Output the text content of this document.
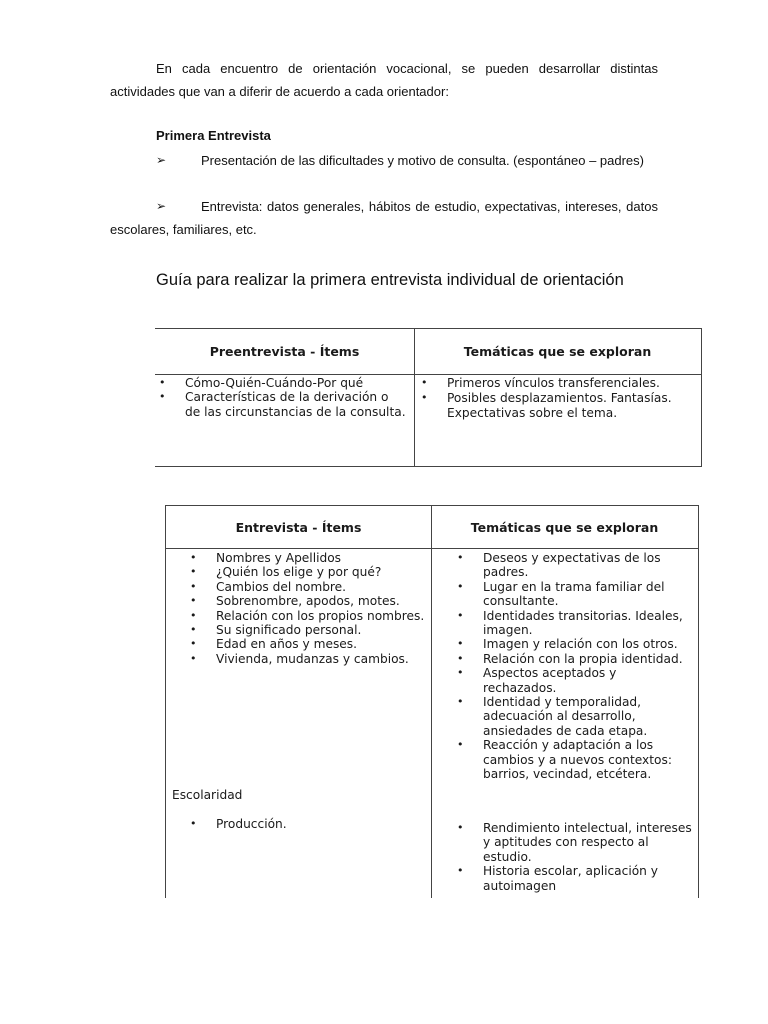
En cada encuentro de orientación vocacional, se pueden desarrollar distintas actividades que van a diferir de acuerdo a cada orientador:

Primera Entrevista

➢	Presentación de las dificultades y motivo de consulta. (espontáneo – padres)
➢	Entrevista: datos generales, hábitos de estudio, expectativas, intereses, datos escolares, familiares, etc.

Guía para realizar la primera entrevista individual de orientación

Preentrevista - Ítems	Temáticas que se exploran
• Cómo-Quién-Cuándo-Por qué
• Características de la derivación o de las circunstancias de la consulta.
• Primeros vínculos transferenciales.
• Posibles desplazamientos. Fantasías. Expectativas sobre el tema.
Entrevista - Ítems	Temáticas que se exploran
• Nombres y Apellidos
• ¿Quién los elige y por qué?
• Cambios del nombre.
• Sobrenombre, apodos, motes.
• Relación con los propios nombres.
• Su significado personal.
• Edad en años y meses.
• Vivienda, mudanzas y cambios.
• Deseos y expectativas de los padres.
• Lugar en la trama familiar del consultante.
• Identidades transitorias. Ideales, imagen.
• Imagen y relación con los otros.
• Relación con la propia identidad.
• Aspectos aceptados y rechazados.
• Identidad y temporalidad, adecuación al desarrollo, ansiedades de cada etapa.
• Reacción y adaptación a los cambios y a nuevos contextos: barrios, vecindad, etcétera.
Escolaridad
• Producción.
•	Rendimiento intelectual, intereses y aptitudes con respecto al estudio.
• Historia escolar, aplicación y autoimagen
